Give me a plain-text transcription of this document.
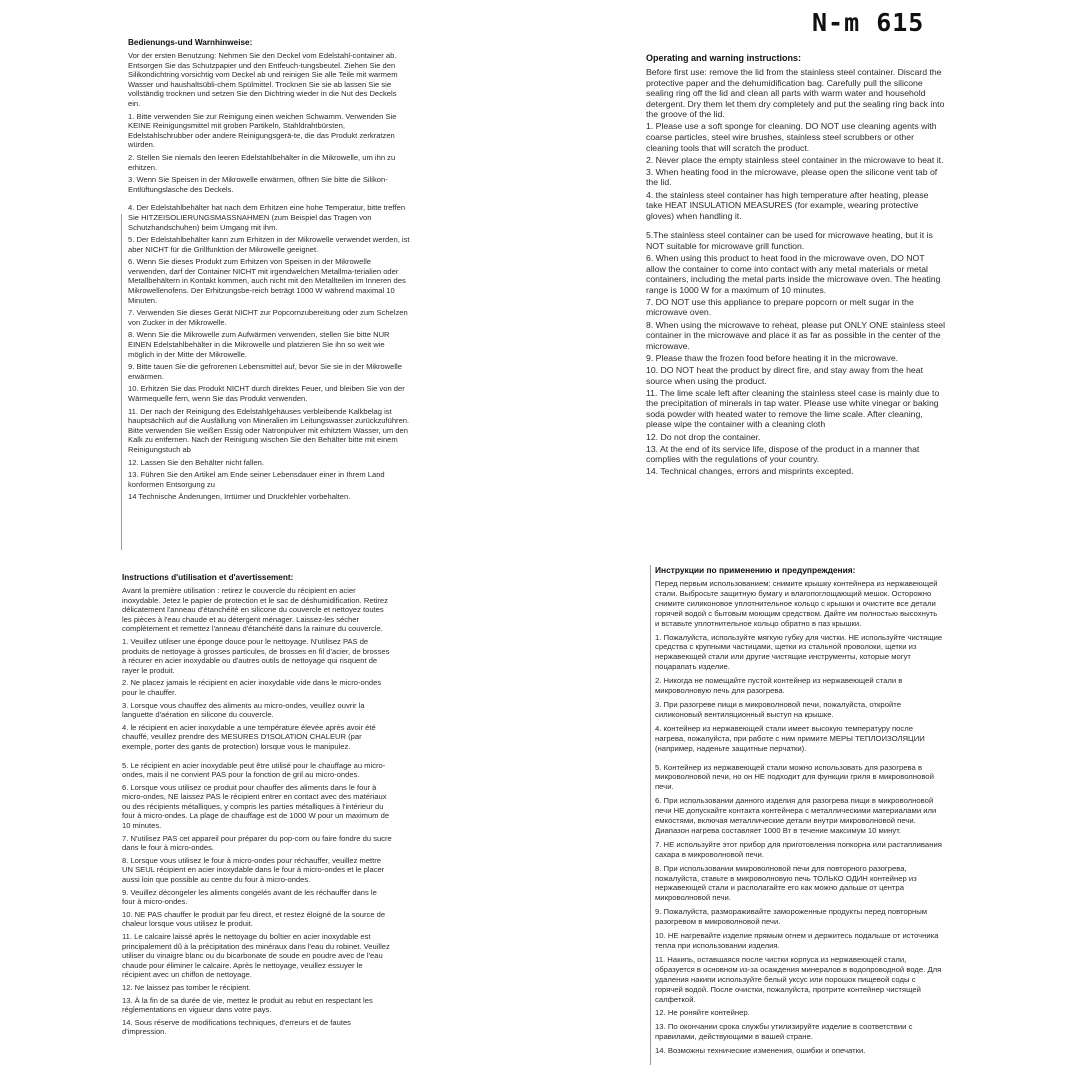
N-m 615
Bedienungs-und Warnhinweise:

Vor der ersten Benutzung: Nehmen Sie den Deckel vom Edelstahl-container ab. Entsorgen Sie das Schutzpapier und den Entfeuch-tungsbeutel. Ziehen Sie den Silikondichtring vorsichtig vom Deckel ab und reinigen Sie alle Teile mit warmem Wasser und haushaltsübli-chem Spülmittel. Trocknen Sie sie ab lassen Sie sie vollständig trocknen und setzen Sie den Dichtring wieder in die Nut des Deckels ein.

1. Bitte verwenden Sie zur Reinigung einen weichen Schwamm. Verwenden Sie KEINE Reinigungsmittel mit groben Partikeln, Stahldrahtbürsten, Edelstahlschrubber oder andere Reinigungsgerä-te, die das Produkt zerkratzen würden.

2. Stellen Sie niemals den leeren Edelstahlbehälter in die Mikrowelle, um ihn zu erhitzen.

3. Wenn Sie Speisen in der Mikrowelle erwärmen, öffnen Sie bitte die Silikon- Entlüftungslasche des Deckels.

4. Der Edelstahlbehälter hat nach dem Erhitzen eine hohe Temperatur, bitte treffen Sie HITZEISOLIERUNGSMASSNAHMEN (zum Beispiel das Tragen von Schutzhandschuhen) beim Umgang mit ihm.

5. Der Edelstahlbehälter kann zum Erhitzen in der Mikrowelle verwendet werden, ist aber NICHT für die Grillfunktion der Mikrowelle geeignet.

6. Wenn Sie dieses Produkt zum Erhitzen von Speisen in der Mikrowelle verwenden, darf der Container NICHT mit irgendwelchen Metallma-terialien oder Metallbehältern in Kontakt kommen, auch nicht mit den Metallteilen im Inneren des Mikrowellenofens. Der Erhitzungsbe-reich beträgt 1000 W während maximal 10 Minuten.

7. Verwenden Sie dieses Gerät NICHT zur Popcornzubereitung oder zum Schelzen von Zucker in der Mikrowelle.

8. Wenn Sie die Mikrowelle zum Aufwärmen verwenden, stellen Sie bitte NUR EINEN Edelstahlbehälter in die Mikrowelle und platzieren Sie ihn so weit wie möglich in der Mitte der Mikrowelle.

9. Bitte tauen Sie die gefrorenen Lebensmittel auf, bevor Sie sie in der Mikrowelle erwärmen.

10. Erhitzen Sie das Produkt NICHT durch direktes Feuer, und bleiben Sie von der Wärmequelle fern, wenn Sie das Produkt verwenden.

11. Der nach der Reinigung des Edelstahlgehäuses verbleibende Kalkbelag ist hauptsächlich auf die Ausfällung von Mineralien im Leitungswasser zurückzuführen. Bitte verwenden Sie weißen Essig oder Natronpulver mit erhitztem Wasser, um den Kalk zu entfernen. Nach der Reinigung wischen Sie den Behälter bitte mit einem Reinigungstuch ab

12. Lassen Sie den Behälter nicht fallen.

13. Führen Sie den Artikel am Ende seiner Lebensdauer einer in Ihrem Land konformen Entsorgung zu

14 Technische Änderungen, Irrtümer und Druckfehler vorbehalten.

Operating and warning instructions:

Before first use: remove the lid from the stainless steel container. Discard the protective paper and the dehumidification bag. Carefully pull the silicone sealing ring off the lid and clean all parts with warm water and household detergent. Dry them let them dry completely and put the sealing ring back into the groove of the lid.

1. Please use a soft sponge for cleaning. DO NOT use cleaning agents with coarse particles, steel wire brushes, stainless steel scrubbers or other cleaning tools that will scratch the product.

2. Never place the empty stainless steel container in the microwave to heat it.

3. When heating food in the microwave, please open the silicone vent tab of the lid.

4. the stainless steel container has high temperature after heating, please take HEAT INSULATION MEASURES (for example, wearing protective gloves) when handling it.

5.The stainless steel container can be used for microwave heating, but it is NOT suitable for microwave grill function.

6. When using this product to heat food in the microwave oven, DO NOT allow the container to come into contact with any metal materials or metal containers, including the metal parts inside the microwave oven. The heating range is 1000 W for a maximum of 10 minutes.

7. DO NOT use this appliance to prepare popcorn or melt sugar in the microwave oven.

8. When using the microwave to reheat, please put ONLY ONE stainless steel container in the microwave and place it as far as possible in the center of the microwave.

9. Please thaw the frozen food before heating it in the microwave.

10. DO NOT heat the product by direct fire, and stay away from the heat source when using the product.

11. The lime scale left after cleaning the stainless steel case is mainly due to the precipitation of minerals in tap water. Please use white vinegar or baking soda powder with heated water to remove the lime scale. After cleaning, please wipe the container with a cleaning cloth

12. Do not drop the container.

13. At the end of its service life, dispose of the product in a manner that complies with the regulations of your country.

14. Technical changes, errors and misprints excepted.

Instructions d'utilisation et d'avertissement:

Avant la première utilisation : retirez le couvercle du récipient en acier inoxydable. Jetez le papier de protection et le sac de déshumidification. Retirez délicatement l'anneau d'étanchéité en silicone du couvercle et nettoyez toutes les pièces à l'eau chaude et au détergent ménager. Laissez-les sécher complètement et remettez l'anneau d'étanchéité dans la rainure du couvercle.

1. Veuillez utiliser une éponge douce pour le nettoyage. N'utilisez PAS de produits de nettoyage à grosses particules, de brosses en fil d'acier, de brosses à récurer en acier inoxydable ou d'autres outils de nettoyage qui risquent de rayer le produit.

2. Ne placez jamais le récipient en acier inoxydable vide dans le micro-ondes pour le chauffer.

3. Lorsque vous chauffez des aliments au micro-ondes, veuillez ouvrir la languette d'aération en silicone du couvercle.

4. le récipient en acier inoxydable a une température élevée après avoir été chauffé, veuillez prendre des MESURES D'ISOLATION CHALEUR (par exemple, porter des gants de protection) lorsque vous le manipulez.

5. Le récipient en acier inoxydable peut être utilisé pour le chauffage au micro-ondes, mais il ne convient PAS pour la fonction de gril au micro-ondes.

6. Lorsque vous utilisez ce produit pour chauffer des aliments dans le four à micro-ondes, NE laissez PAS le récipient entrer en contact avec des matériaux ou des récipients métalliques, y compris les parties métalliques à l'intérieur du four à micro-ondes. La plage de chauffage est de 1000 W pour un maximum de 10 minutes.

7. N'utilisez PAS cet appareil pour préparer du pop-corn ou faire fondre du sucre dans le four à micro-ondes.

8. Lorsque vous utilisez le four à micro-ondes pour réchauffer, veuillez mettre UN SEUL récipient en acier inoxydable dans le four à micro-ondes et le placer aussi loin que possible au centre du four à micro-ondes.

9. Veuillez décongeler les aliments congelés avant de les réchauffer dans le four à micro-ondes.

10. NE PAS chauffer le produit par feu direct, et restez éloigné de la source de chaleur lorsque vous utilisez le produit.

11. Le calcaire laissé après le nettoyage du boîtier en acier inoxydable est principalement dû à la précipitation des minéraux dans l'eau du robinet. Veuillez utiliser du vinaigre blanc ou du bicarbonate de soude en poudre avec de l'eau chaude pour éliminer le calcaire. Après le nettoyage, veuillez essuyer le récipient avec un chiffon de nettoyage.

12. Ne laissez pas tomber le récipient.

13. À la fin de sa durée de vie, mettez le produit au rebut en respectant les réglementations en vigueur dans votre pays.

14. Sous réserve de modifications techniques, d'erreurs et de fautes d'impression.

Инструкции по применению и предупреждения:

Перед первым использованием: снимите крышку контейнера из нержавеющей стали. Выбросьте защитную бумагу и влагопоглощающий мешок. Осторожно снимите силиконовое уплотнительное кольцо с крышки и очистите все детали горячей водой с бытовым моющим средством. Дайте им полностью высохнуть и вставьте уплотнительное кольцо обратно в паз крышки.

1. Пожалуйста, используйте мягкую губку для чистки. НЕ используйте чистящие средства с крупными частицами, щетки из стальной проволоки, щетки из нержавеющей стали или другие чистящие инструменты, которые могут поцарапать изделие.

2. Никогда не помещайте пустой контейнер из нержавеющей стали в микроволновую печь для разогрева.

3. При разогреве пищи в микроволновой печи, пожалуйста, откройте силиконовый вентиляционный выступ на крышке.

4. контейнер из нержавеющей стали имеет высокую температуру после нагрева, пожалуйста, при работе с ним примите МЕРЫ ТЕПЛОИЗОЛЯЦИИ (например, наденьте защитные перчатки).

5. Контейнер из нержавеющей стали можно использовать для разогрева в микроволновой печи, но он НЕ подходит для функции гриля в микроволновой печи.

6. При использовании данного изделия для разогрева пищи в микроволновой печи НЕ допускайте контакта контейнера с металлическими материалами или емкостями, включая металлические детали внутри микроволновой печи. Диапазон нагрева составляет 1000 Вт в течение максимум 10 минут.

7. НЕ используйте этот прибор для приготовления попкорна или растапливания сахара в микроволновой печи.

8. При использовании микроволновой печи для повторного разогрева, пожалуйста, ставьте в микроволновую печь ТОЛЬКО ОДИН контейнер из нержавеющей стали и располагайте его как можно дальше от центра микроволновой печи.

9. Пожалуйста, размораживайте замороженные продукты перед повторным разогревом в микроволновой печи.

10. НЕ нагревайте изделие прямым огнем и держитесь подальше от источника тепла при использовании изделия.

11. Накипь, оставшаяся после чистки корпуса из нержавеющей стали, образуется в основном из-за осаждения минералов в водопроводной воде. Для удаления накипи используйте белый уксус или порошок пищевой соды с горячей водой. После очистки, пожалуйста, протрите контейнер чистящей салфеткой.

12. Не роняйте контейнер.

13. По окончании срока службы утилизируйте изделие в соответствии с правилами, действующими в вашей стране.

14. Возможны технические изменения, ошибки и опечатки.
